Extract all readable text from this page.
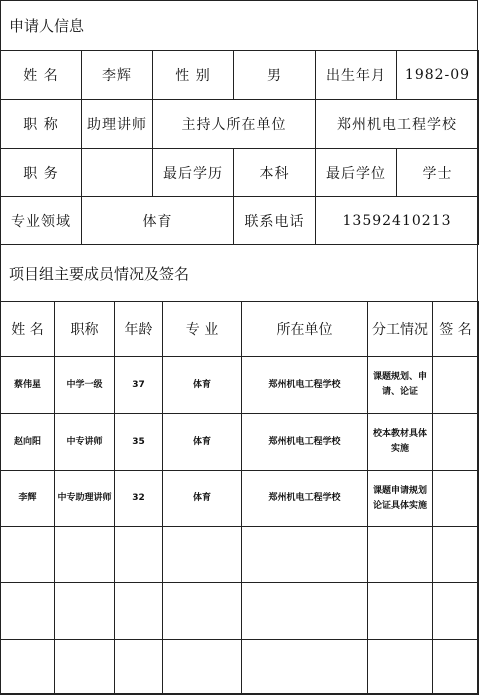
申请人信息
姓 名	李辉	性 别	男	出生年月	1982-09
职 称	助理讲师	主持人所在单位		郑州机电工程学校	
职 务		最后学历	本科	最后学位	学士
专业领域	体育		联系电话	13592410213	
项目组主要成员情况及签名
姓 名	职称	年龄	专 业	所在单位	分工情况	签 名
蔡伟星	中学一级	37	体育	郑州机电工程学校	课题规划、申请、论证	
赵向阳	中专讲师	35	体育	郑州机电工程学校	校本教材具体实施	
李辉	中专助理讲师	32	体育	郑州机电工程学校	课题申请规划论证具体实施	
